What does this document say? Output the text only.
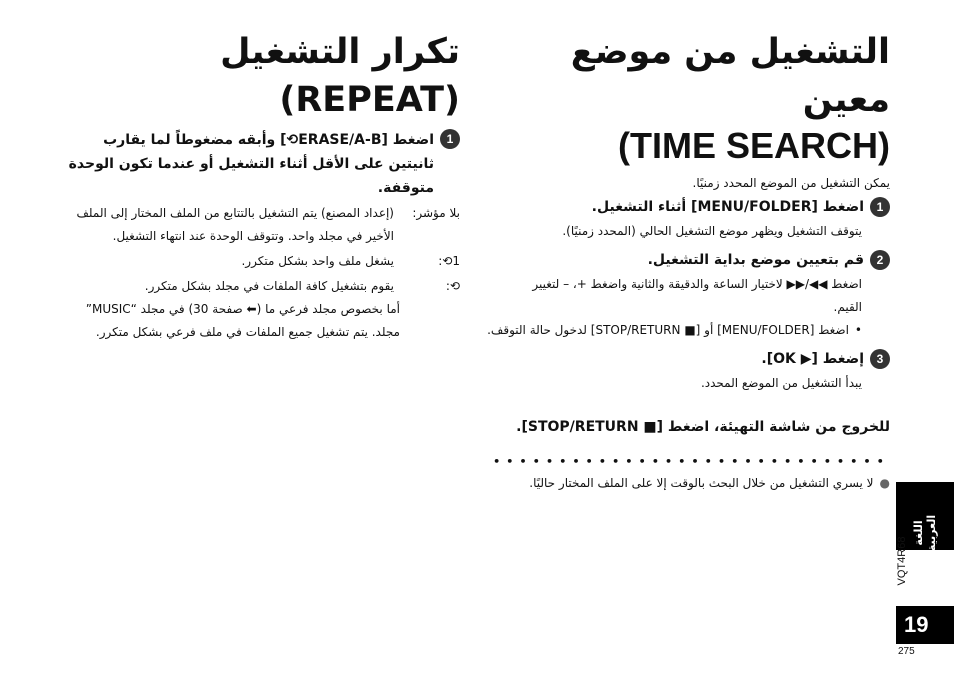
التشغيل من موضع معين
(TIME SEARCH)
يمكن التشغيل من الموضع المحدد زمنيًا.
1
اضغط [MENU/FOLDER] أثناء التشغيل.
يتوقف التشغيل ويظهر موضع التشغيل الحالي (المحدد زمنيًا).
2
قم بتعيين موضع بداية التشغيل.
اضغط ◀◀/▶▶ لاختيار الساعة والدقيقة والثانية واضغط +، – لتغيير القيم.
•
اضغط [MENU/FOLDER] أو [■ STOP/RETURN] لدخول حالة التوقف.
3
إضغط [▶ OK].
يبدأ التشغيل من الموضع المحدد.
للخروج من شاشة التهيئة، اضغط [■ STOP/RETURN].
••••••••••••••••••••••••••••••
●
لا يسري التشغيل من خلال البحث بالوقت إلا على الملف المختار حاليًا.
تكرار التشغيل (REPEAT)
1
اضغط [ERASE/A-B⟲] وأبقه مضغوطاً لما يقارب ثانيتين على الأقل أثناء التشغيل أو عندما تكون الوحدة متوقفة.
بلا مؤشر:
(إعداد المصنع) يتم التشغيل بالتتابع من الملف المختار إلى الملف الأخير في مجلد واحد. وتتوقف الوحدة عند انتهاء التشغيل.
1⟲:
يشغل ملف واحد بشكل متكرر.
⟲:
يقوم بتشغيل كافة الملفات في مجلد بشكل متكرر.
أما بخصوص مجلد فرعي ما (⬅ صفحة 30) في مجلد “MUSIC” مجلد. يتم تشغيل جميع الملفات في ملف فرعي بشكل متكرر.
اللغة العربية
VQT4R68
19
275
